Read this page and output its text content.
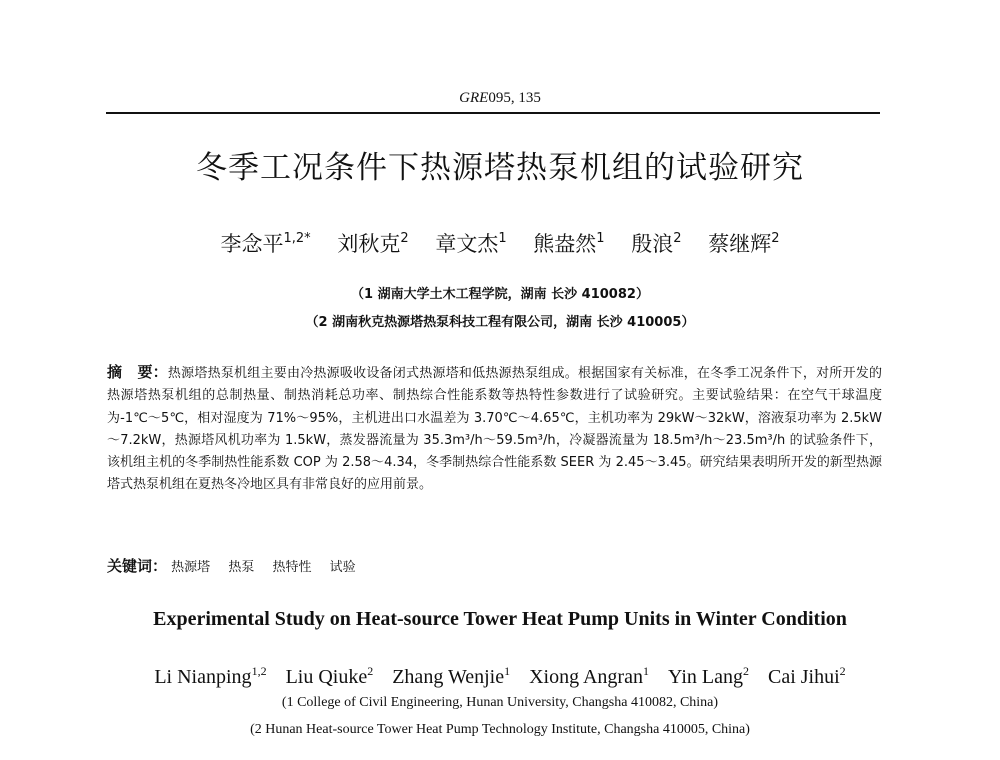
GRE095, 135
冬季工况条件下热源塔热泵机组的试验研究
李念平$^{1,2*}$ 刘秋克$^2$ 章文杰$^1$ 熊盎然$^1$ 殷浪$^2$ 蔡继辉$^2$
（1 湖南大学土木工程学院，湖南 长沙 410082）
（2 湖南秋克热源塔热泵科技工程有限公司，湖南 长沙 410005）
摘　要：热源塔热泵机组主要由冷热源吸收设备闭式热源塔和低热源热泵组成。根据国家有关标准，在冬季工况条件下，对所开发的热源塔热泵机组的总制热量、制热消耗总功率、制热综合性能系数等热特性参数进行了试验研究。主要试验结果：在空气干球温度为-1℃～5℃，相对湿度为 71%～95%，主机进出口水温差为 3.70℃～4.65℃，主机功率为 29kW～32kW，溶液泵功率为 2.5kW～7.2kW，热源塔风机功率为 1.5kW，蒸发器流量为 35.3m³/h～59.5m³/h，冷凝器流量为 18.5m³/h～23.5m³/h 的试验条件下，该机组主机的冬季制热性能系数 COP 为 2.58～4.34，冬季制热综合性能系数 SEER 为 2.45～3.45。研究结果表明所开发的新型热源塔式热泵机组在夏热冬冷地区具有非常良好的应用前景。
关键词： 热源塔 热泵 热特性 试验
Experimental Study on Heat-source Tower Heat Pump Units in Winter Condition
Li Nianping$^{1,2}$ Liu Qiuke$^2$ Zhang Wenjie$^1$ Xiong Angran$^1$ Yin Lang$^2$ Cai Jihui$^2$
(1 College of Civil Engineering, Hunan University, Changsha 410082, China)
(2 Hunan Heat-source Tower Heat Pump Technology Institute, Changsha 410005, China)
